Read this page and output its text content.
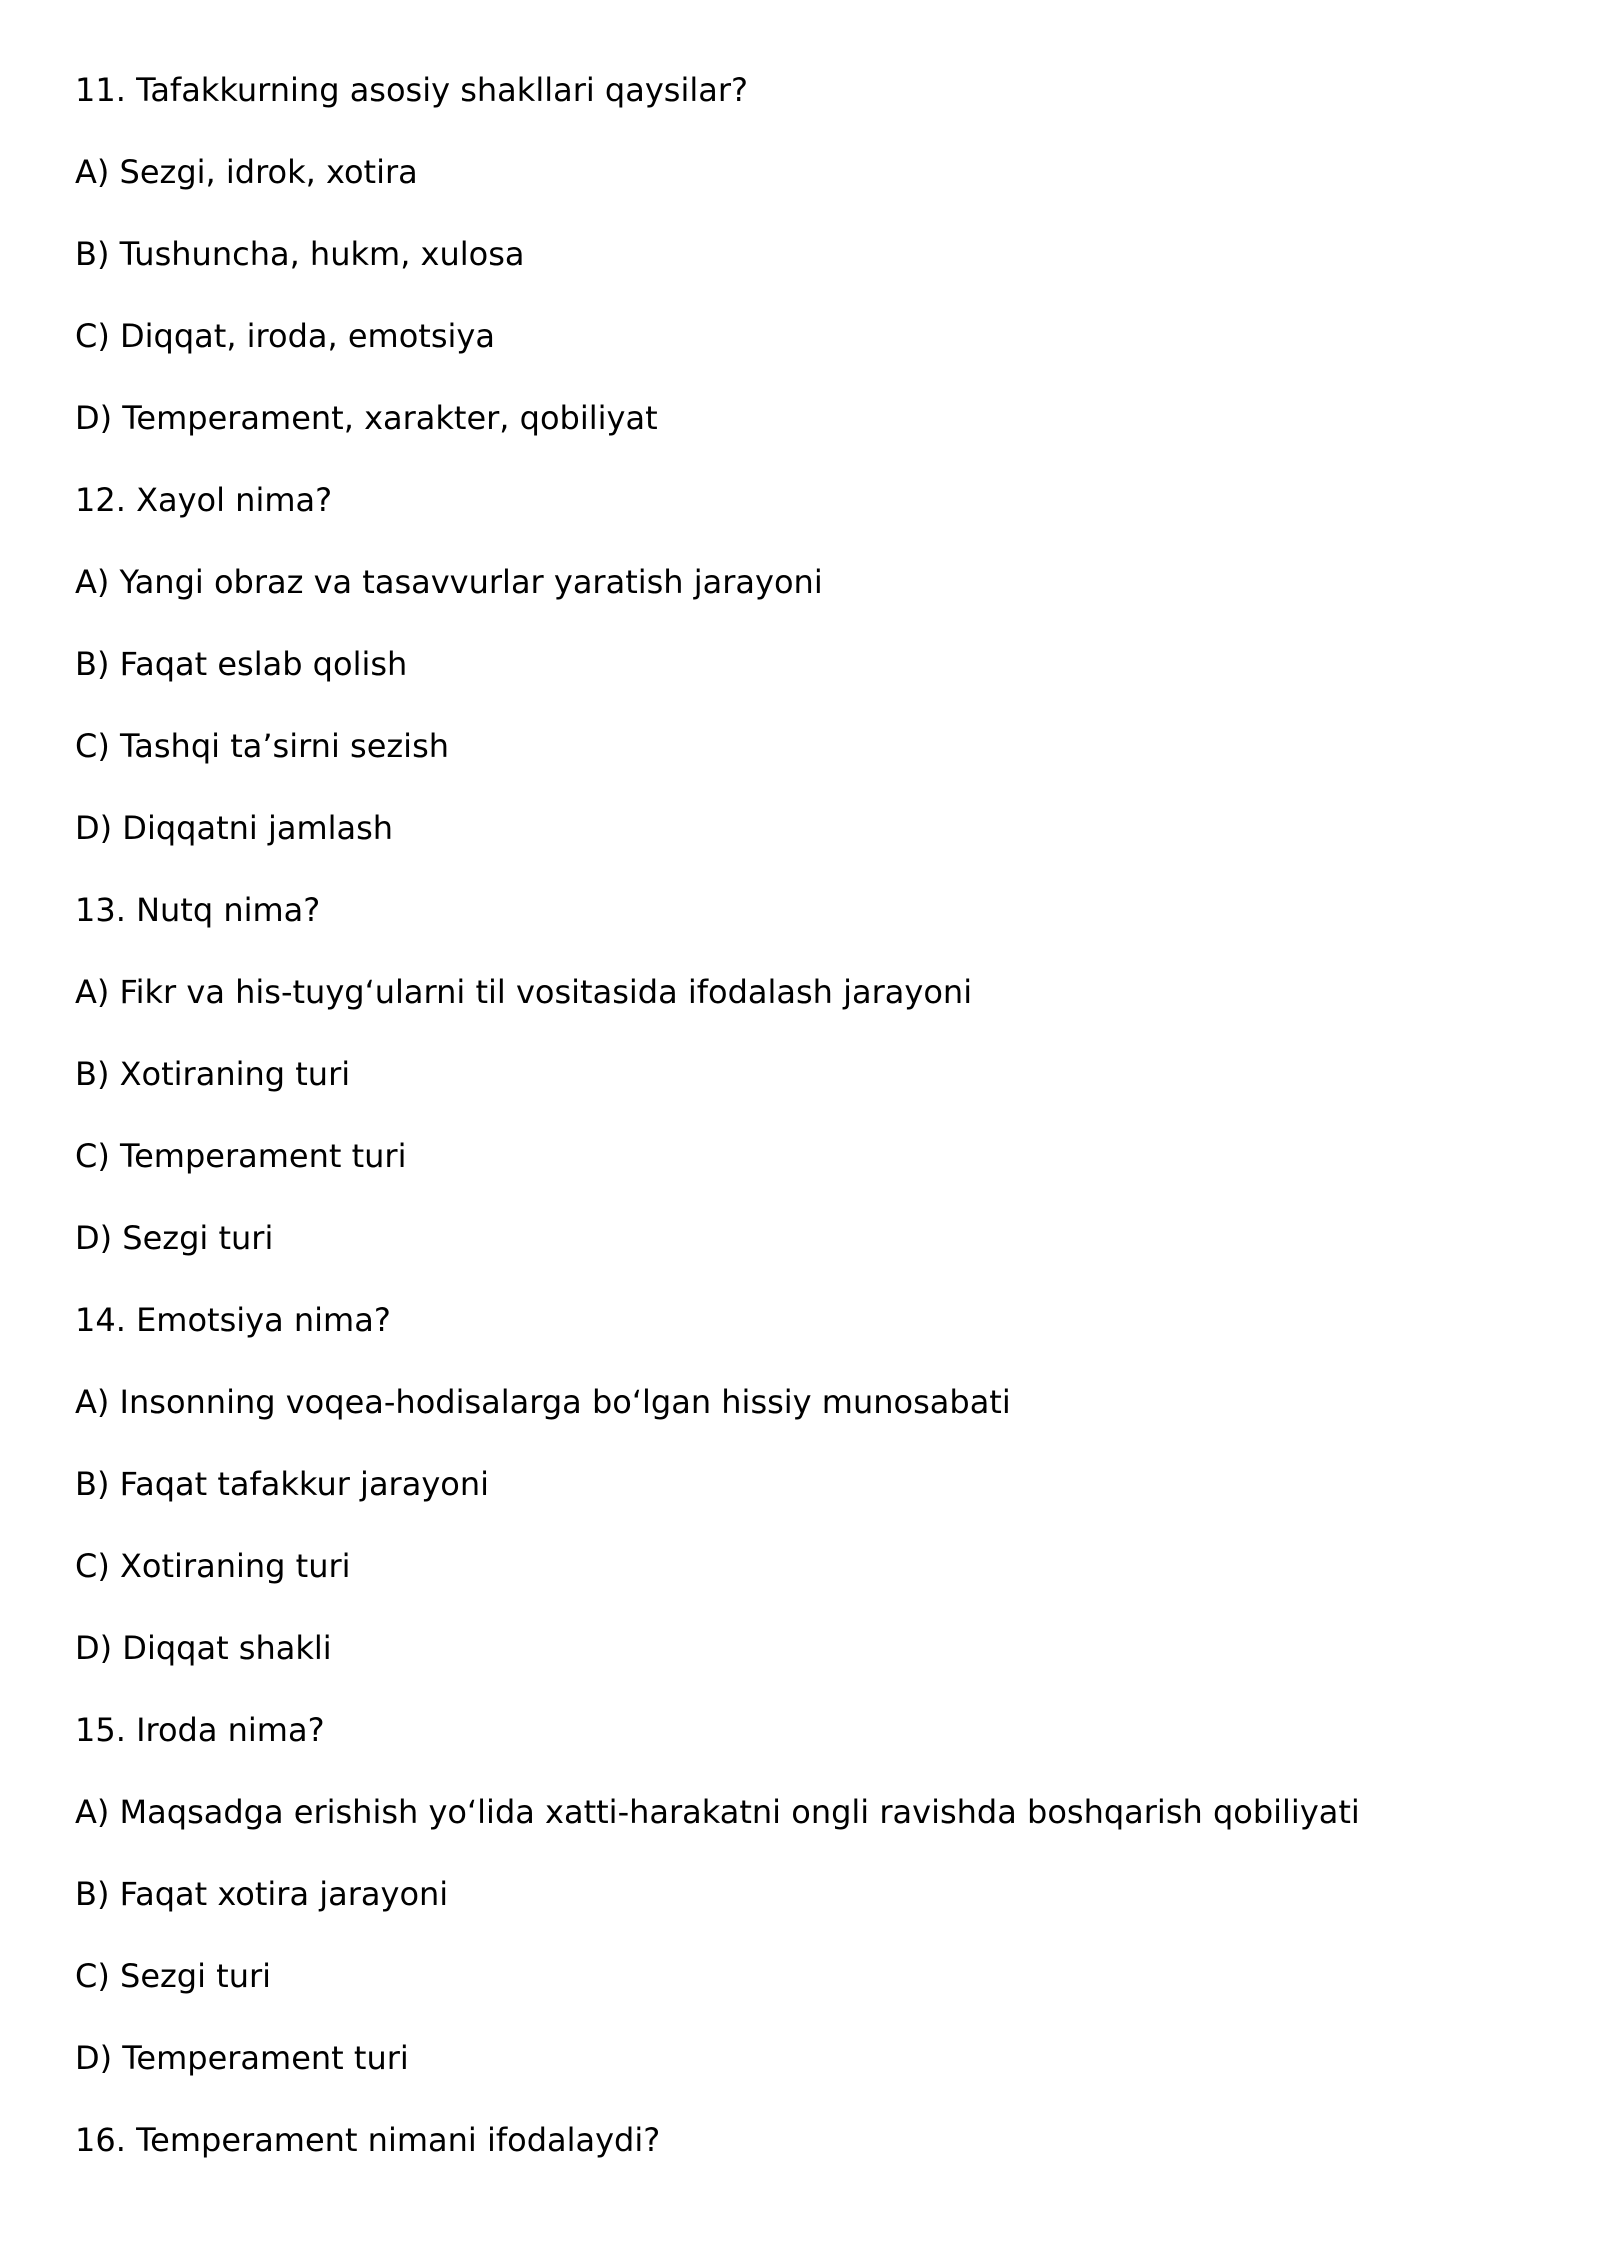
11. Tafakkurning asosiy shakllari qaysilar?
A) Sezgi, idrok, xotira
B) Tushuncha, hukm, xulosa
C) Diqqat, iroda, emotsiya
D) Temperament, xarakter, qobiliyat
12. Xayol nima?
A) Yangi obraz va tasavvurlar yaratish jarayoni
B) Faqat eslab qolish
C) Tashqi ta’sirni sezish
D) Diqqatni jamlash
13. Nutq nima?
A) Fikr va his-tuyg‘ularni til vositasida ifodalash jarayoni
B) Xotiraning turi
C) Temperament turi
D) Sezgi turi
14. Emotsiya nima?
A) Insonning voqea-hodisalarga bo‘lgan hissiy munosabati
B) Faqat tafakkur jarayoni
C) Xotiraning turi
D) Diqqat shakli
15. Iroda nima?
A) Maqsadga erishish yo‘lida xatti-harakatni ongli ravishda boshqarish qobiliyati
B) Faqat xotira jarayoni
C) Sezgi turi
D) Temperament turi
16. Temperament nimani ifodalaydi?
